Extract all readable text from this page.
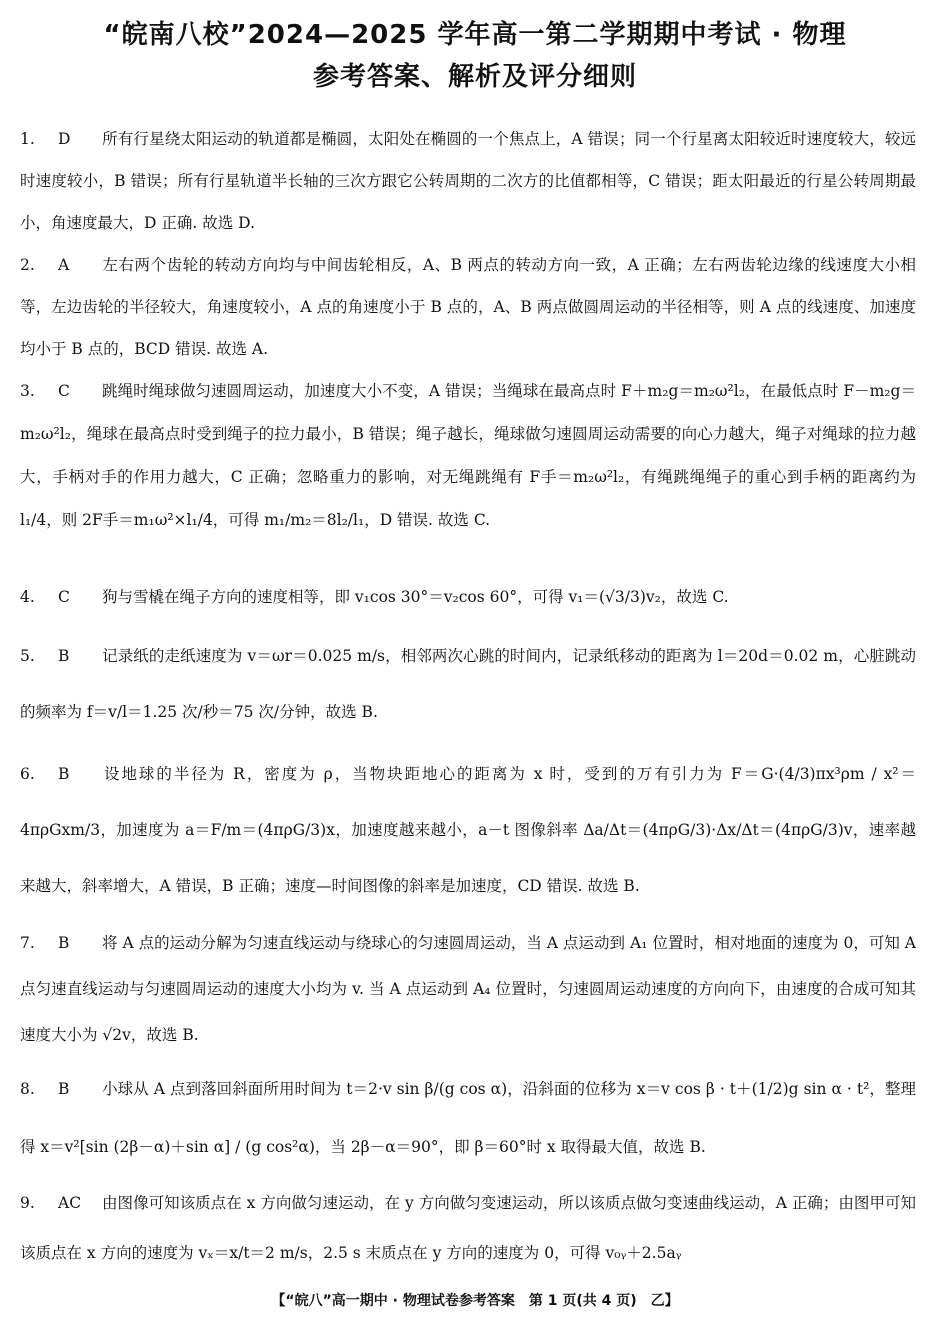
“皖南八校”2024—2025 学年高一第二学期期中考试 · 物理
参考答案、解析及评分细则
1. D 所有行星绕太阳运动的轨道都是椭圆，太阳处在椭圆的一个焦点上，A 错误；同一个行星离太阳较近时速度较大，较远时速度较小，B 错误；所有行星轨道半长轴的三次方跟它公转周期的二次方的比值都相等，C 错误；距太阳最近的行星公转周期最小，角速度最大，D 正确. 故选 D.
2. A 左右两个齿轮的转动方向均与中间齿轮相反，A、B 两点的转动方向一致，A 正确；左右两齿轮边缘的线速度大小相等，左边齿轮的半径较大，角速度较小，A 点的角速度小于 B 点的，A、B 两点做圆周运动的半径相等，则 A 点的线速度、加速度均小于 B 点的，BCD 错误. 故选 A.
3. C 跳绳时绳球做匀速圆周运动，加速度大小不变，A 错误；当绳球在最高点时 F＋m₂g＝m₂ω²l₂，在最低点时 F－m₂g＝m₂ω²l₂，绳球在最高点时受到绳子的拉力最小，B 错误；绳子越长，绳球做匀速圆周运动需要的向心力越大，绳子对绳球的拉力越大，手柄对手的作用力越大，C 正确；忽略重力的影响，对无绳跳绳有 F手＝m₂ω²l₂，有绳跳绳绳子的重心到手柄的距离约为 l₁/4，则 2F手＝m₁ω²×l₁/4，可得 m₁/m₂＝8l₂/l₁，D 错误. 故选 C.
4. C 狗与雪橇在绳子方向的速度相等，即 v₁cos 30°＝v₂cos 60°，可得 v₁＝(√3/3)v₂，故选 C.
5. B 记录纸的走纸速度为 v＝ωr＝0.025 m/s，相邻两次心跳的时间内，记录纸移动的距离为 l＝20d＝0.02 m，心脏跳动的频率为 f＝v/l＝1.25 次/秒＝75 次/分钟，故选 B.
6. B 设地球的半径为 R，密度为 ρ，当物块距地心的距离为 x 时，受到的万有引力为 F＝G·(4/3)πx³ρm / x²＝4πρGxm/3，加速度为 a＝F/m＝(4πρG/3)x，加速度越来越小，a－t 图像斜率 Δa/Δt＝(4πρG/3)·Δx/Δt＝(4πρG/3)v，速率越来越大，斜率增大，A 错误，B 正确；速度—时间图像的斜率是加速度，CD 错误. 故选 B.
7. B 将 A 点的运动分解为匀速直线运动与绕球心的匀速圆周运动，当 A 点运动到 A₁ 位置时，相对地面的速度为 0，可知 A 点匀速直线运动与匀速圆周运动的速度大小均为 v. 当 A 点运动到 A₄ 位置时，匀速圆周运动速度的方向向下，由速度的合成可知其速度大小为 √2v，故选 B.
8. B 小球从 A 点到落回斜面所用时间为 t＝2·v sin β/(g cos α)，沿斜面的位移为 x＝v cos β · t＋(1/2)g sin α · t²，整理得 x＝v²[sin (2β－α)＋sin α] / (g cos²α)，当 2β－α＝90°，即 β＝60°时 x 取得最大值，故选 B.
9. AC 由图像可知该质点在 x 方向做匀速运动，在 y 方向做匀变速运动，所以该质点做匀变速曲线运动，A 正确；由图甲可知该质点在 x 方向的速度为 vₓ＝x/t＝2 m/s，2.5 s 末质点在 y 方向的速度为 0，可得 v₀ᵧ＋2.5aᵧ
【“皖八”高一期中 · 物理试卷参考答案　第 1 页(共 4 页)　乙】
